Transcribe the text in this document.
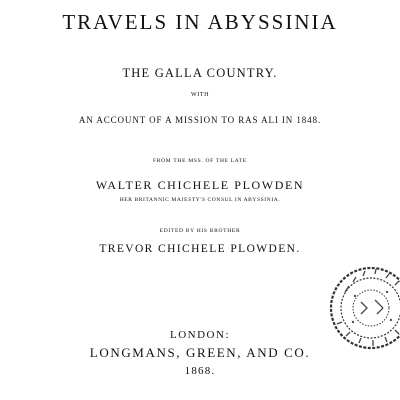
TRAVELS IN ABYSSINIA
THE GALLA COUNTRY.
WITH
AN ACCOUNT OF A MISSION TO RAS ALI IN 1848.
FROM THE MSS. OF THE LATE
WALTER CHICHELE PLOWDEN
HER BRITANNIC MAJESTY'S CONSUL IN ABYSSINIA.
EDITED BY HIS BROTHER
TREVOR CHICHELE PLOWDEN.
LONDON:
LONGMANS, GREEN, AND CO.
1868.
